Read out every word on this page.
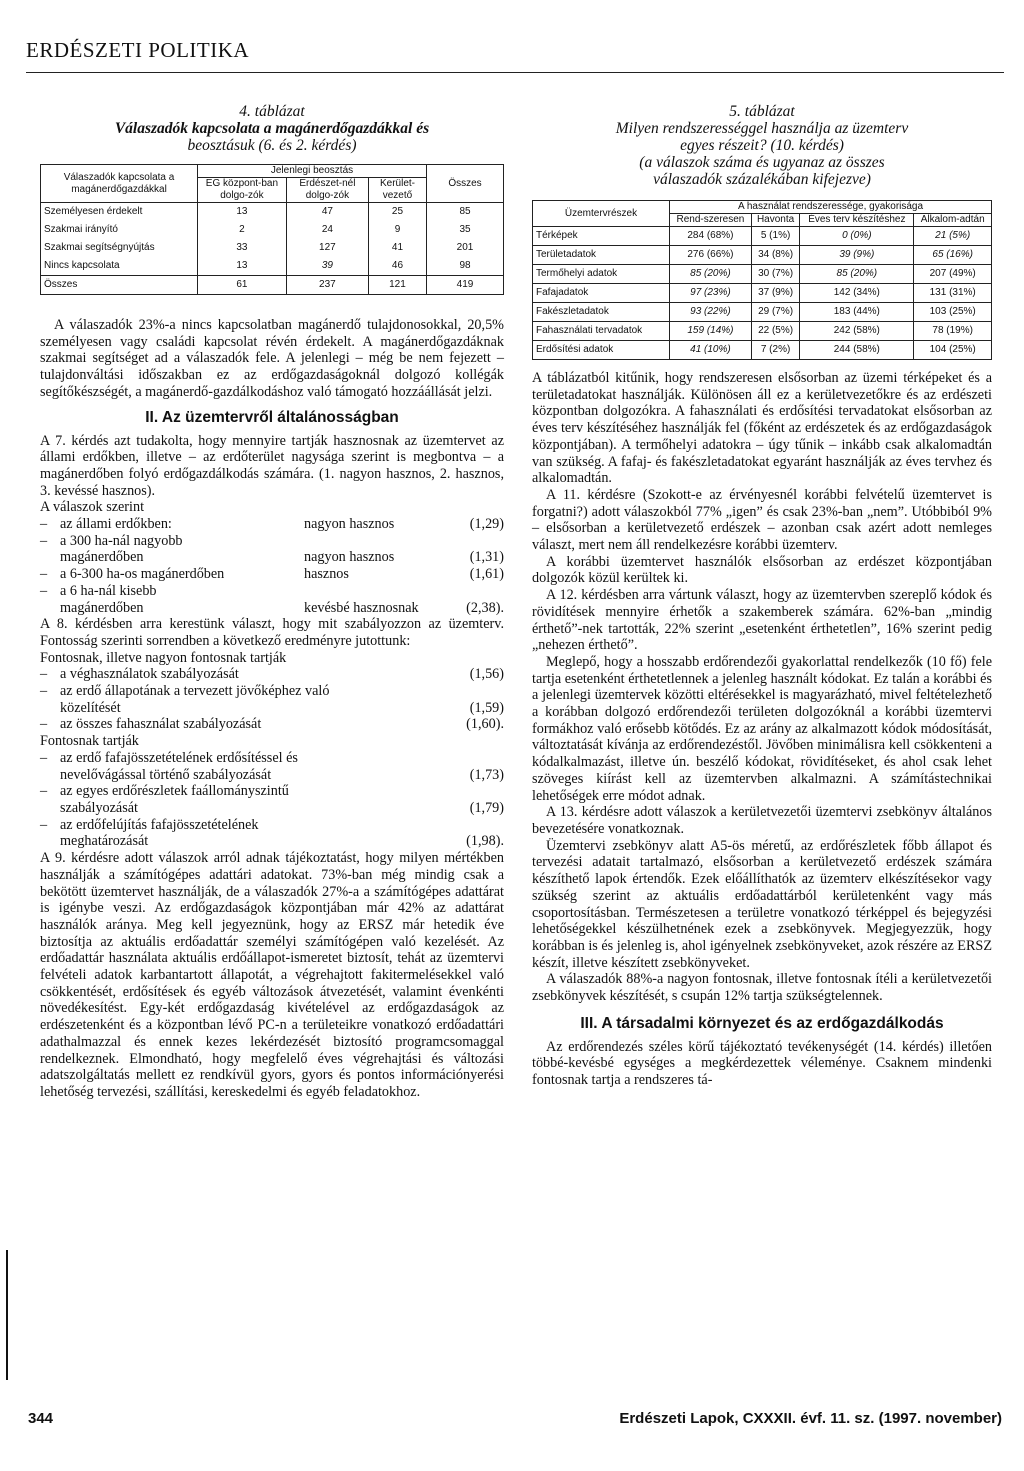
ERDÉSZETI POLITIKA
4. táblázat
Válaszadók kapcsolata a magánerdőgazdákkal és
beosztásuk (6. és 2. kérdés)
Válaszadók kapcsolata a magánerdőgazdákkal	Jelenlegi beosztás			Összes
	EG központ-ban dolgo-zók	Erdészet-nél dolgo-zók	Kerület-vezető	
Személyesen érdekelt	13	47	25	85
Szakmai irányító	2	24	9	35
Szakmai segítségnyújtás	33	127	41	201
Nincs kapcsolata	13	39	46	98
Összes	61	237	121	419

A válaszadók 23%-a nincs kapcsolatban magánerdő tulajdonosokkal, 20,5% személyesen vagy családi kapcsolat révén érdekelt. A magánerdőgazdáknak szakmai segítséget ad a válaszadók fele. A jelenlegi – még be nem fejezett – tulajdonváltási időszakban ez az erdőgazdaságoknál dolgozó kollégák segítőkészségét, a magánerdő-gazdálkodáshoz való támogató hozzáállását jelzi.

II. Az üzemtervről általánosságban

A 7. kérdés azt tudakolta, hogy mennyire tartják hasznosnak az üzemtervet az állami erdőkben, illetve – az erdőterület nagysága szerint is megbontva – a magánerdőben folyó erdőgazdálkodás számára. (1. nagyon hasznos, 2. hasznos, 3. kevéssé hasznos).

A válaszok szerint
– az állami erdőkben:	nagyon hasznos	(1,29)
– a 300 ha-nál nagyobb
magánerdőben	nagyon hasznos	(1,31)
– a 6-300 ha-os magánerdőben	hasznos	(1,61)
– a 6 ha-nál kisebb
magánerdőben	kevésbé hasznosnak	(2,38).

A 8. kérdésben arra kerestünk választ, hogy mit szabályozzon az üzemterv. Fontosság szerinti sorrendben a következő eredményre jutottunk:

Fontosnak, illetve nagyon fontosnak tartják
– a véghasználatok szabályozását	(1,56)
– az erdő állapotának a tervezett jövőképhez való
közelítését	(1,59)
– az összes fahasználat szabályozását	(1,60).
Fontosnak tartják
– az erdő fafajösszetételének erdősítéssel és
nevelővágással történő szabályozását	(1,73)
– az egyes erdőrészletek faállományszintű
szabályozását	(1,79)
– az erdőfelújítás fafajösszetételének
meghatározását	(1,98).

A 9. kérdésre adott válaszok arról adnak tájékoztatást, hogy milyen mértékben használják a számítógépes adattári adatokat. 73%-ban még mindig csak a bekötött üzemtervet használják, de a válaszadók 27%-a a számítógépes adattárat is igénybe veszi. Az erdőgazdaságok központjában már 42% az adattárat használók aránya. Meg kell jegyeznünk, hogy az ERSZ már hetedik éve biztosítja az aktuális erdőadattár személyi számítógépen való kezelését. Az erdőadattár használata aktuális erdőállapot-ismeretet biztosít, tehát az üzemtervi felvételi adatok karbantartott állapotát, a végrehajtott fakitermelésekkel való csökkentését, erdősítések és egyéb változások átvezetését, valamint évenkénti növedékesítést. Egy-két erdőgazdaság kivételével az erdőgazdaságok az erdészetenként és a központban lévő PC-n a területeikre vonatkozó erdőadattári adathalmazzal és ennek kezes lekérdezését biztosító programcsomaggal rendelkeznek. Elmondható, hogy megfelelő éves végrehajtási és változási adatszolgáltatás mellett ez rendkívül gyors, gyors és pontos információnyerési lehetőség tervezési, szállítási, kereskedelmi és egyéb feladatokhoz.

5. táblázat
Milyen rendszerességgel használja az üzemterv
egyes részeit? (10. kérdés)
(a válaszok száma és ugyanaz az összes
válaszadók százalékában kifejezve)
Üzemtervrészek	A használat rendszeressége, gyakorisága			
	Rend-szeresen	Havonta	Éves terv készítéshez	Alkalom-adtán
Térképek	284 (68%)	5 (1%)	0 (0%)	21 (5%)
Területadatok	276 (66%)	34 (8%)	39 (9%)	65 (16%)
Termőhelyi adatok	85 (20%)	30 (7%)	85 (20%)	207 (49%)
Fafajadatok	97 (23%)	37 (9%)	142 (34%)	131 (31%)
Fakészletadatok	93 (22%)	29 (7%)	183 (44%)	103 (25%)
Fahasználati tervadatok	159 (14%)	22 (5%)	242 (58%)	78 (19%)
Erdősítési adatok	41 (10%)	7 (2%)	244 (58%)	104 (25%)

A táblázatból kitűnik, hogy rendszeresen elsősorban az üzemi térképeket és a területadatokat használják. Különösen áll ez a kerületvezetőkre és az erdészeti központban dolgozókra. A fahasználati és erdősítési tervadatokat elsősorban az éves terv készítéséhez használják fel (főként az erdészetek és az erdőgazdaságok központjában). A termőhelyi adatokra – úgy tűnik – inkább csak alkalomadtán van szükség. A fafaj- és fakészletadatokat egyaránt használják az éves tervhez és alkalomadtán.

A 11. kérdésre (Szokott-e az érvényesnél korábbi felvételű üzemtervet is forgatni?) adott válaszokból 77% „igen” és csak 23%-ban „nem”. Utóbbiból 9% – elsősorban a kerületvezető erdészek – azonban csak azért adott nemleges választ, mert nem áll rendelkezésre korábbi üzemterv.

A korábbi üzemtervet használók elsősorban az erdészet központjában dolgozók közül kerültek ki.

A 12. kérdésben arra vártunk választ, hogy az üzemtervben szereplő kódok és rövidítések mennyire érhetők a szakemberek számára. 62%-ban „mindig érthető”-nek tartották, 22% szerint „esetenként érthetetlen”, 16% szerint pedig „nehezen érthető”.

Meglepő, hogy a hosszabb erdőrendezői gyakorlattal rendelkezők (10 fő) fele tartja esetenként érthetetlennek a jelenleg használt kódokat. Ez talán a korábbi és a jelenlegi üzemtervek közötti eltérésekkel is magyarázható, mivel feltételezhető a korábban dolgozó erdőrendezői területen dolgozóknál a korábbi üzemtervi formákhoz való erősebb kötődés. Ez az arány az alkalmazott kódok módosítását, változtatását kívánja az erdőrendezéstől. Jövőben minimálisra kell csökkenteni a kódalkalmazást, illetve ún. beszélő kódokat, rövidítéseket, és ahol csak lehet szöveges kiírást kell az üzemtervben alkalmazni. A számítástechnikai lehetőségek erre módot adnak.

A 13. kérdésre adott válaszok a kerületvezetői üzemtervi zsebkönyv általános bevezetésére vonatkoznak.

Üzemtervi zsebkönyv alatt A5-ös méretű, az erdőrészletek főbb állapot és tervezési adatait tartalmazó, elsősorban a kerületvezető erdészek számára készíthető lapok értendők. Ezek előállíthatók az üzemterv elkészítésekor vagy szükség szerint az aktuális erdőadattárból kerületenként vagy más csoportosításban. Természetesen a területre vonatkozó térképpel és bejegyzési lehetőségekkel készülhetnének ezek a zsebkönyvek. Megjegyezzük, hogy korábban is és jelenleg is, ahol igényelnek zsebkönyveket, azok részére az ERSZ készít, illetve készített zsebkönyveket.

A válaszadók 88%-a nagyon fontosnak, illetve fontosnak ítéli a kerületvezetői zsebkönyvek készítését, s csupán 12% tartja szükségtelennek.

III. A társadalmi környezet és az erdőgazdálkodás

Az erdőrendezés széles körű tájékoztató tevékenységét (14. kérdés) illetően többé-kevésbé egységes a megkérdezettek véleménye. Csaknem mindenki fontosnak tartja a rendszeres tá-

344	Erdészeti Lapok, CXXXII. évf. 11. sz. (1997. november)
